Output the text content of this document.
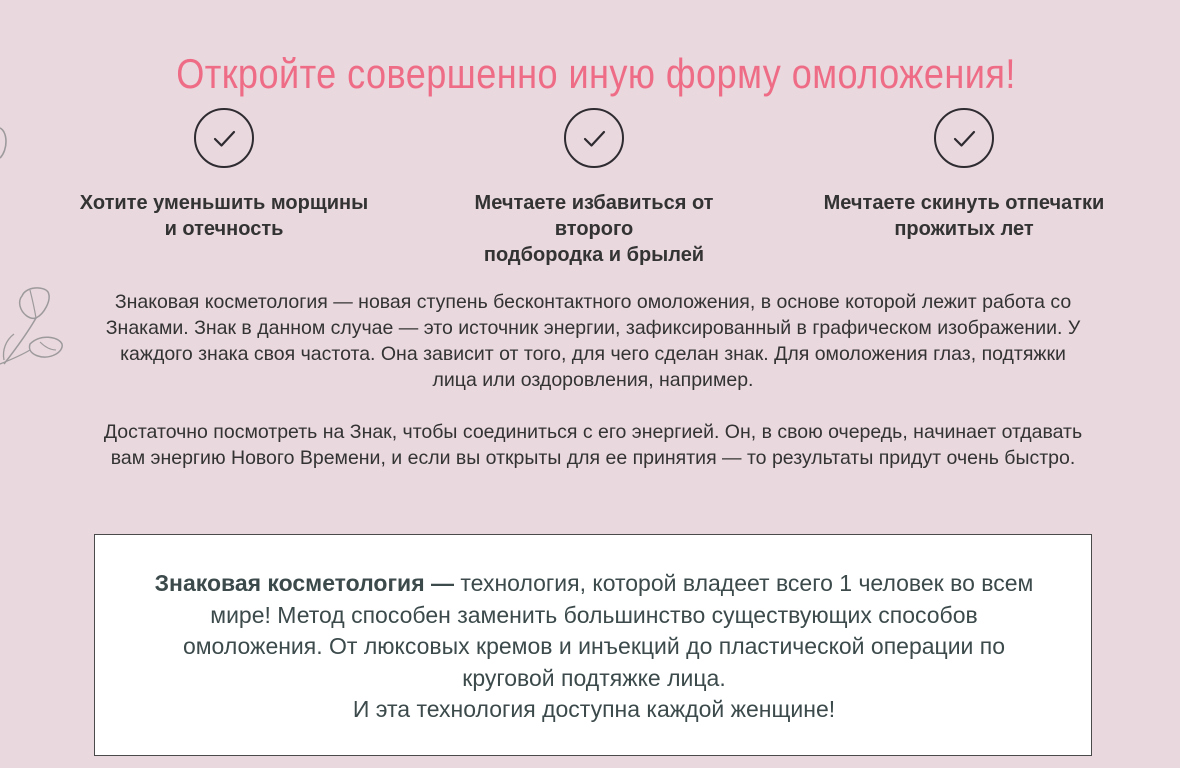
Откройте совершенно иную форму омоложения!
Хотите уменьшить морщины
и отечность
Мечтаете избавиться от второго
подбородка и брылей
Мечтаете скинуть отпечатки
прожитых лет
Знаковая косметология — новая ступень бесконтактного омоложения, в основе которой лежит работа со
Знаками. Знак в данном случае — это источник энергии, зафиксированный в графическом изображении. У
каждого знака своя частота. Она зависит от того, для чего сделан знак. Для омоложения глаз, подтяжки
лица или оздоровления, например.
Достаточно посмотреть на Знак, чтобы соединиться с его энергией. Он, в свою очередь, начинает отдавать
вам энергию Нового Времени, и если вы открыты для ее принятия — то результаты придут очень быстро.
Знаковая косметология — технология, которой владеет всего 1 человек во всем
мире! Метод способен заменить большинство существующих способов
омоложения. От люксовых кремов и инъекций до пластической операции по
круговой подтяжке лица.
И эта технология доступна каждой женщине!
